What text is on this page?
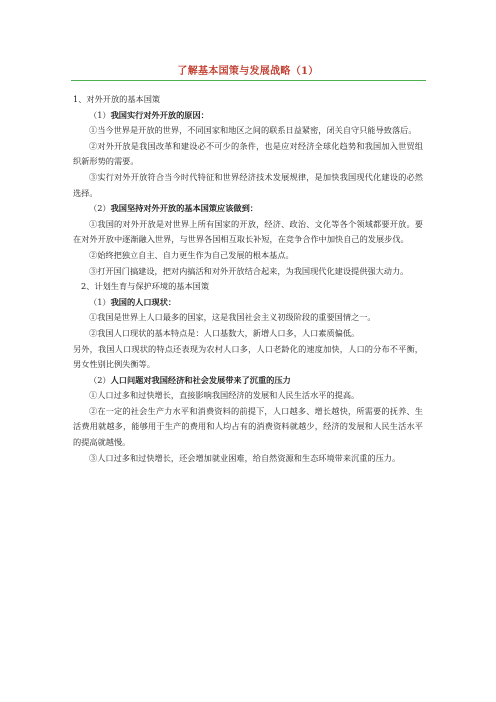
了解基本国策与发展战略（1）

1、对外开放的基本国策

（1）我国实行对外开放的原因：

①当今世界是开放的世界，不同国家和地区之间的联系日益紧密，闭关自守只能导致落后。

②对外开放是我国改革和建设必不可少的条件，也是应对经济全球化趋势和我国加入世贸组织新形势的需要。

③实行对外开放符合当今时代特征和世界经济技术发展规律，是加快我国现代化建设的必然选择。

（2）我国坚持对外开放的基本国策应该做到：

①我国的对外开放是对世界上所有国家的开放，经济、政治、文化等各个领域都要开放。要在对外开放中逐渐融入世界，与世界各国相互取长补短，在竞争合作中加快自己的发展步伐。

②始终把独立自主、自力更生作为自己发展的根本基点。

③打开国门搞建设，把对内搞活和对外开放结合起来，为我国现代化建设提供强大动力。

2、计划生育与保护环境的基本国策

（1）我国的人口现状：

①我国是世界上人口最多的国家，这是我国社会主义初级阶段的重要国情之一。

②我国人口现状的基本特点是：人口基数大，新增人口多，人口素质偏低。

另外，我国人口现状的特点还表现为农村人口多，人口老龄化的速度加快，人口的分布不平衡，男女性别比例失衡等。

（2）人口问题对我国经济和社会发展带来了沉重的压力

①人口过多和过快增长，直接影响我国经济的发展和人民生活水平的提高。

②在一定的社会生产力水平和消费资料的前提下，人口越多、增长越快，所需要的抚养、生活费用就越多，能够用于生产的费用和人均占有的消费资料就越少，经济的发展和人民生活水平的提高就越慢。

③人口过多和过快增长，还会增加就业困难，给自然资源和生态环境带来沉重的压力。
